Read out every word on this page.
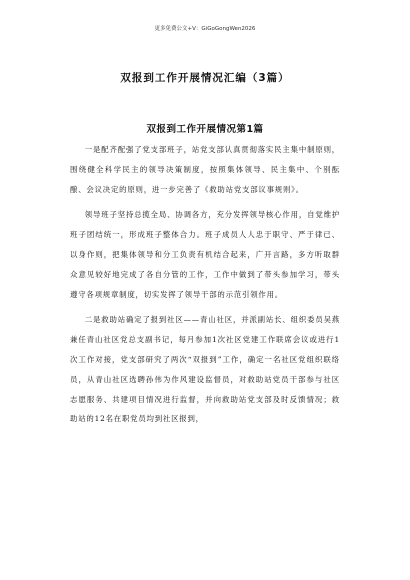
更多免费公文+V：GiGoGongWen2026
双报到工作开展情况汇编（3篇）
双报到工作开展情况第1篇

一是配齐配强了党支部班子，站党支部认真贯彻落实民主集中制原则，围绕健全科学民主的领导决策制度，按照集体领导、民主集中、个别酝酿、会议决定的原则，进一步完善了《救助站党支部议事规则》。

领导班子坚持总揽全局、协调各方，充分发挥领导核心作用，自觉维护班子团结统一，形成班子整体合力。班子成员人人忠于职守、严于律已、以身作则，把集体领导和分工负责有机结合起来，广开言路，多方听取群众意见较好地完成了各自分管的工作，工作中做到了带头参加学习，带头遵守各项规章制度，切实发挥了领导干部的示范引领作用。

二是救助站确定了报到社区——青山社区，并派副站长、组织委员吴燕兼任青山社区党总支副书记，每月参加1次社区党建工作联席会议或进行1次工作对接，党支部研究了两次“双报到”工作，确定一名社区党组织联络员，从青山社区选聘孙伟为作风建设监督员，对救助站党员干部参与社区志愿服务、共建项目情况进行监督，并向救助站党支部及时反馈情况；救助站的12名在职党员均到社区报到，
